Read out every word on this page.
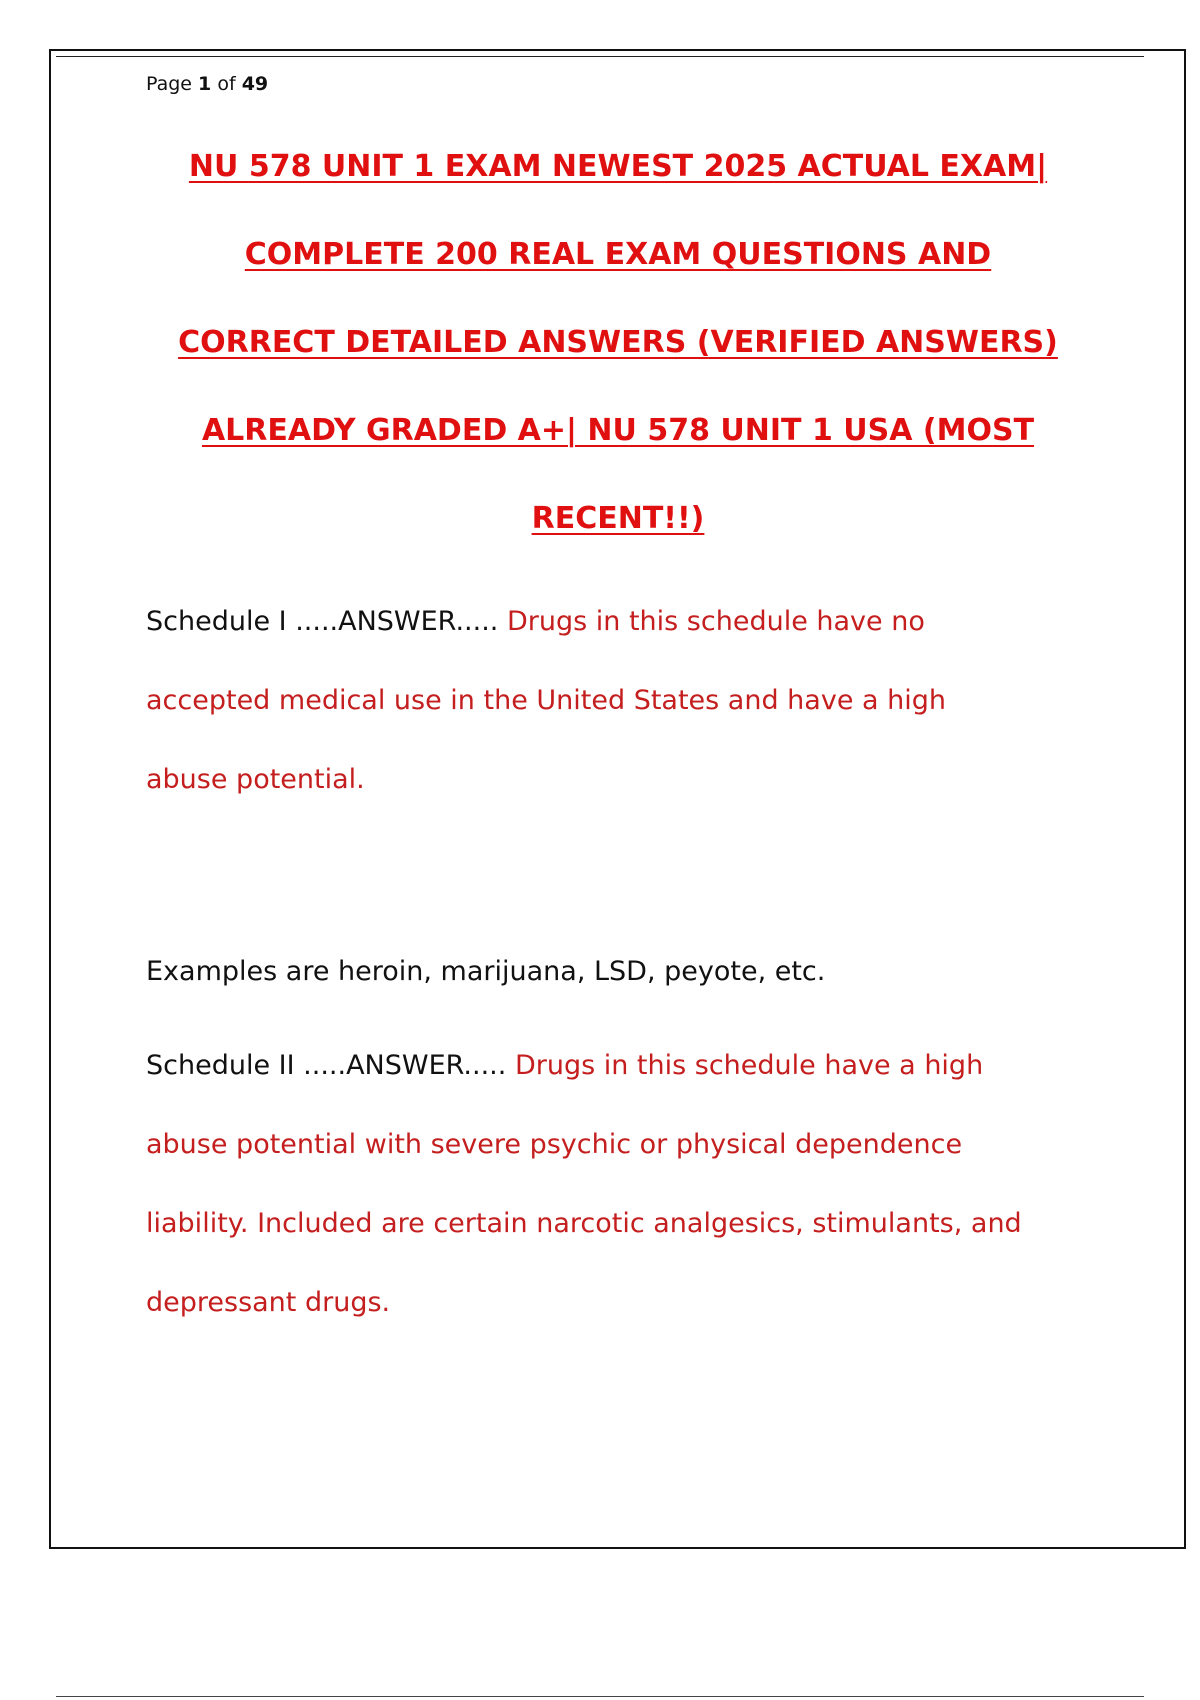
Page 1 of 49
NU 578 UNIT 1 EXAM NEWEST 2025 ACTUAL EXAM|
COMPLETE 200 REAL EXAM QUESTIONS AND
CORRECT DETAILED ANSWERS (VERIFIED ANSWERS)
ALREADY GRADED A+| NU 578 UNIT 1 USA (MOST
RECENT!!)
Schedule I .....ANSWER..... Drugs in this schedule have no
accepted medical use in the United States and have a high
abuse potential.
Examples are heroin, marijuana, LSD, peyote, etc.
Schedule II .....ANSWER..... Drugs in this schedule have a high
abuse potential with severe psychic or physical dependence
liability. Included are certain narcotic analgesics, stimulants, and
depressant drugs.
